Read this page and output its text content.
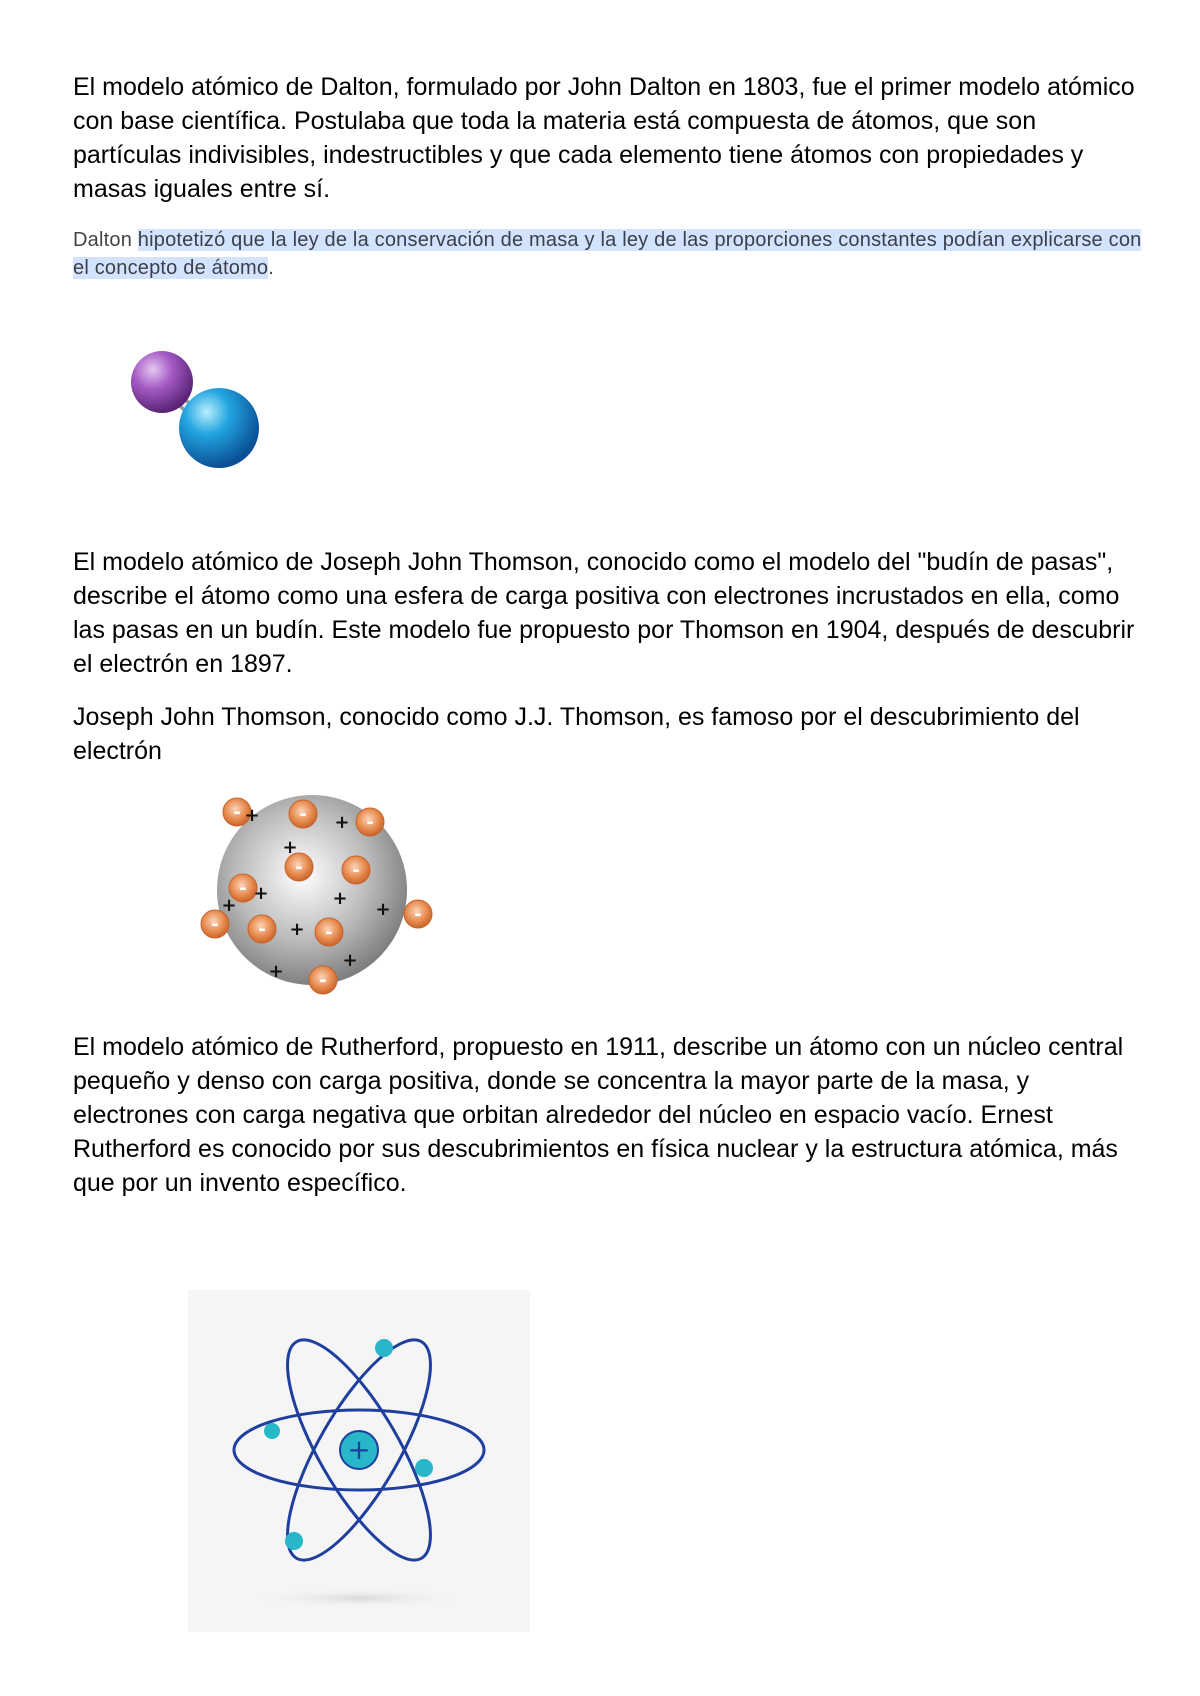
El modelo atómico de Dalton, formulado por John Dalton en 1803, fue el primer modelo atómico con base científica. Postulaba que toda la materia está compuesta de átomos, que son partículas indivisibles, indestructibles y que cada elemento tiene átomos con propiedades y masas iguales entre sí.

Dalton hipotetizó que la ley de la conservación de masa y la ley de las proporciones constantes podían explicarse con el concepto de átomo.

El modelo atómico de Joseph John Thomson, conocido como el modelo del "budín de pasas", describe el átomo como una esfera de carga positiva con electrones incrustados en ella, como las pasas en un budín. Este modelo fue propuesto por Thomson en 1904, después de descubrir el electrón en 1897.

Joseph John Thomson, conocido como J.J. Thomson, es famoso por el descubrimiento del electrón

-	-	-
-
-
-
-
- -	-
-
+	+
+
+	+
+	+
+
+
+

El modelo atómico de Rutherford, propuesto en 1911, describe un átomo con un núcleo central pequeño y denso con carga positiva, donde se concentra la mayor parte de la masa, y electrones con carga negativa que orbitan alrededor del núcleo en espacio vacío. Ernest Rutherford es conocido por sus descubrimientos en física nuclear y la estructura atómica, más que por un invento específico.

+
